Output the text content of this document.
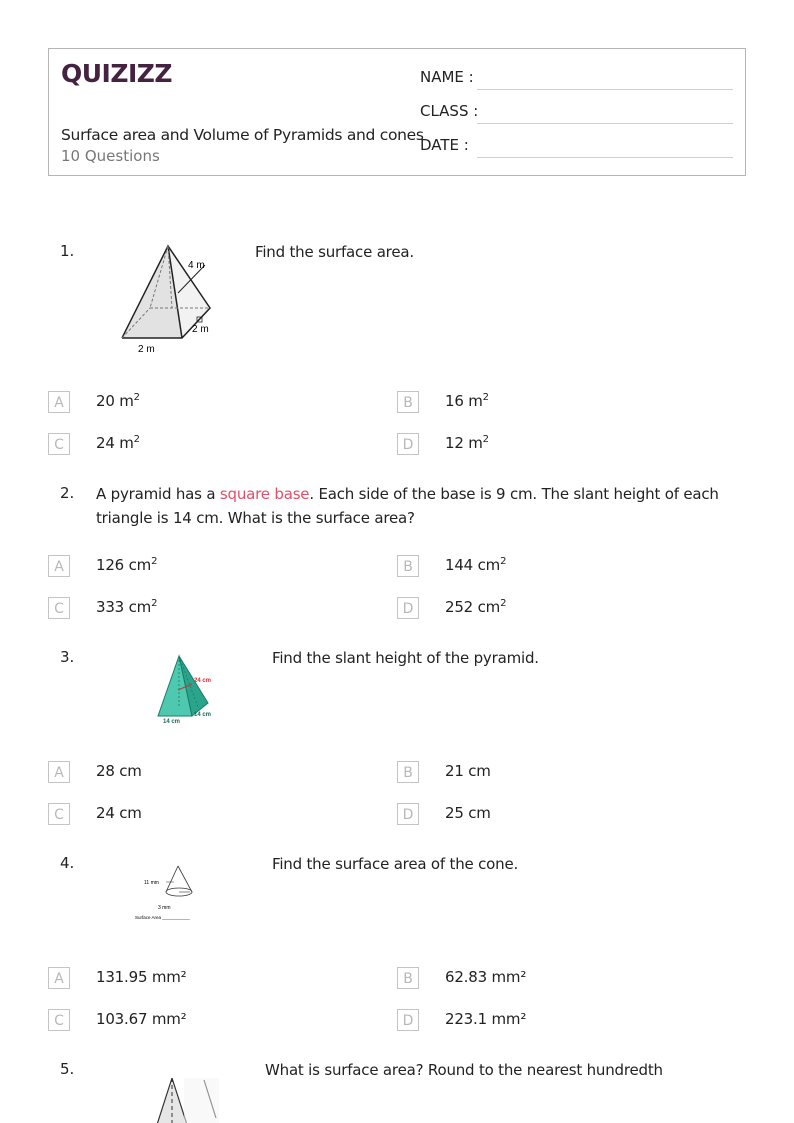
QUIZIZZ
Surface area and Volume of Pyramids and cones
10 Questions
NAME :
CLASS :
DATE :
1.
4 m
2 m
2 m
Find the surface area.
A	20 $m^2$	B	16 $m^2$
C	24 $m^2$	D	12 $m^2$
2. A pyramid has a square base. Each side of the base is 9 cm. The slant height of each triangle is 14 cm. What is the surface area?
A	126 $cm^2$	B	144 $cm^2$
C	333 $cm^2$	D	252 $cm^2$
3.
24 cm
14 cm
14 cm
Find the slant height of the pyramid.
A	28 cm	B	21 cm
C	24 cm	D	25 cm
4.
11 mm
3 mm
Surface Area ___________
Find the surface area of the cone.
A	131.95 mm²	B	62.83 mm²
C	103.67 mm²	D	223.1 mm²
5.	What is surface area? Round to the nearest hundredth
